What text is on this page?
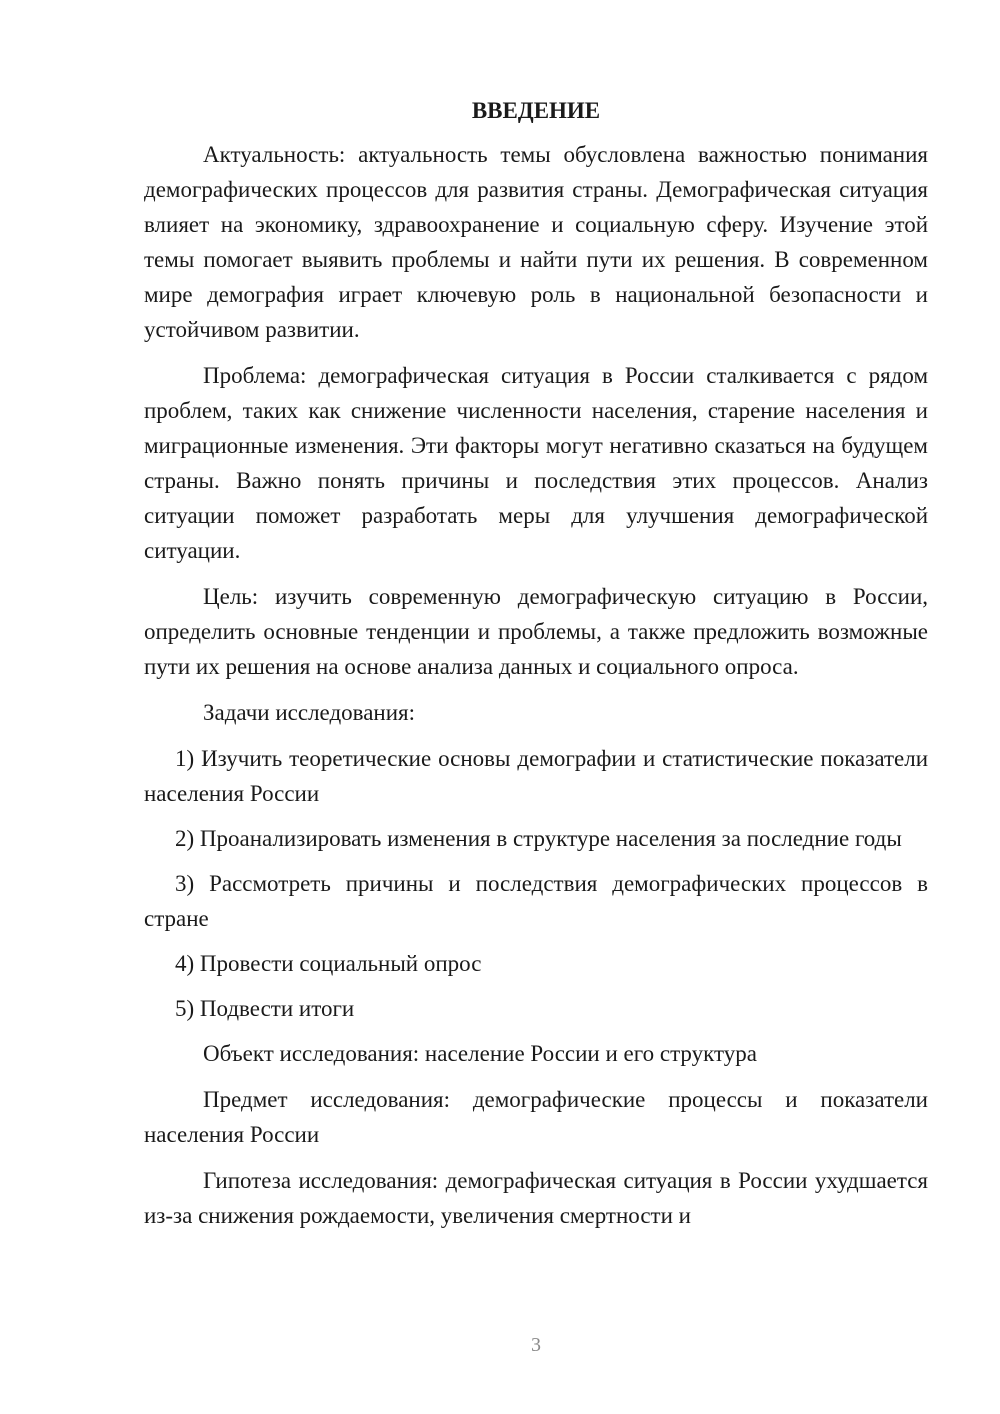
ВВЕДЕНИЕ

Актуальность: актуальность темы обусловлена важностью понимания демографических процессов для развития страны. Демографическая ситуация влияет на экономику, здравоохранение и социальную сферу. Изучение этой темы помогает выявить проблемы и найти пути их решения. В современном мире демография играет ключевую роль в национальной безопасности и устойчивом развитии.

Проблема: демографическая ситуация в России сталкивается с рядом проблем, таких как снижение численности населения, старение населения и миграционные изменения. Эти факторы могут негативно сказаться на будущем страны. Важно понять причины и последствия этих процессов. Анализ ситуации поможет разработать меры для улучшения демографической ситуации.

Цель: изучить современную демографическую ситуацию в России, определить основные тенденции и проблемы, а также предложить возможные пути их решения на основе анализа данных и социального опроса.

Задачи исследования:

1) Изучить теоретические основы демографии и статистические показатели населения России

2) Проанализировать изменения в структуре населения за последние годы

3) Рассмотреть причины и последствия демографических процессов в стране

4) Провести социальный опрос

5) Подвести итоги

Объект исследования: население России и его структура

Предмет исследования: демографические процессы и показатели населения России

Гипотеза исследования: демографическая ситуация в России ухудшается из-за снижения рождаемости, увеличения смертности и

3
